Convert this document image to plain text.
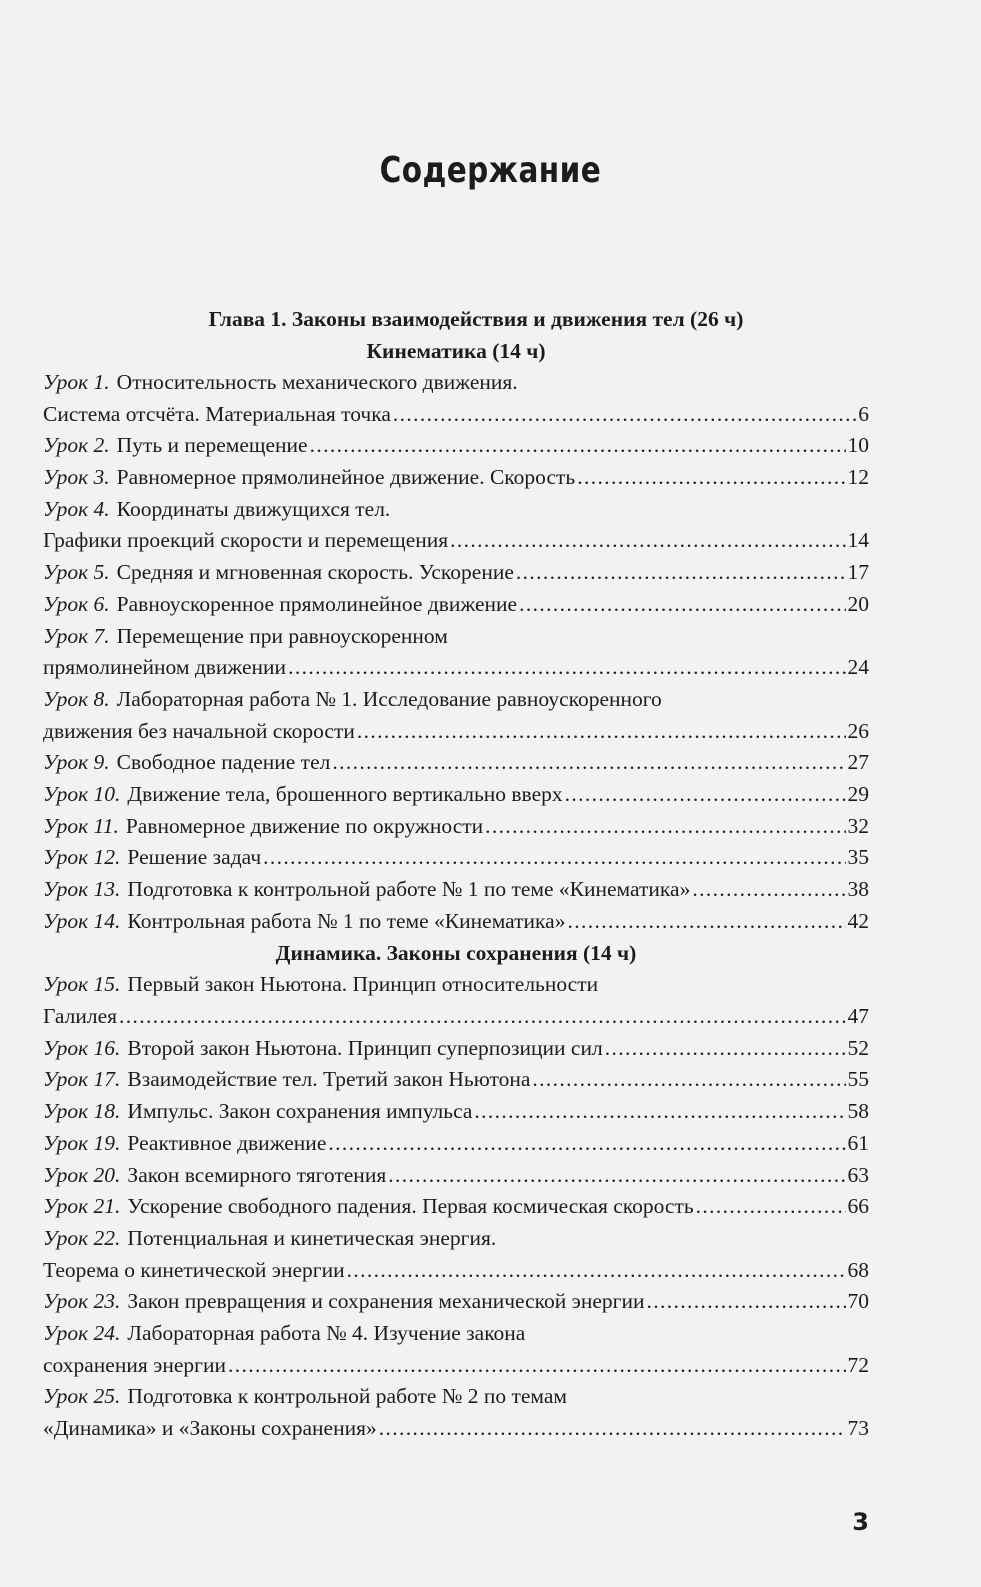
Содержание
Глава 1. Законы взаимодействия и движения тел (26 ч)
Кинематика (14 ч)
Урок 1. Относительность механического движения.
Система отсчёта. Материальная точка . . .	6
Урок 2. Путь и перемещение . . .	10
Урок 3. Равномерное прямолинейное движение. Скорость . . .	12
Урок 4. Координаты движущихся тел.
Графики проекций скорости и перемещения . . .	14
Урок 5. Средняя и мгновенная скорость. Ускорение . . .	17
Урок 6. Равноускоренное прямолинейное движение . . .	20
Урок 7. Перемещение при равноускоренном
прямолинейном движении . . .	24
Урок 8. Лабораторная работа № 1. Исследование равноускоренного
движения без начальной скорости . . .	26
Урок 9. Свободное падение тел . . .	27
Урок 10. Движение тела, брошенного вертикально вверх . . .	29
Урок 11. Равномерное движение по окружности . . .	32
Урок 12. Решение задач . . .	35
Урок 13. Подготовка к контрольной работе № 1 по теме «Кинематика» . . .	38
Урок 14. Контрольная работа № 1 по теме «Кинематика» . . .	42
Динамика. Законы сохранения (14 ч)
Урок 15. Первый закон Ньютона. Принцип относительности
Галилея . . .	47
Урок 16. Второй закон Ньютона. Принцип суперпозиции сил . . .	52
Урок 17. Взаимодействие тел. Третий закон Ньютона . . .	55
Урок 18. Импульс. Закон сохранения импульса . . .	58
Урок 19. Реактивное движение . . .	61
Урок 20. Закон всемирного тяготения . . .	63
Урок 21. Ускорение свободного падения. Первая космическая скорость . . .	66
Урок 22. Потенциальная и кинетическая энергия.
Теорема о кинетической энергии . . .	68
Урок 23. Закон превращения и сохранения механической энергии . . .	70
Урок 24. Лабораторная работа № 4. Изучение закона
сохранения энергии . . .	72
Урок 25. Подготовка к контрольной работе № 2 по темам
«Динамика» и «Законы сохранения» . . .	73
3
